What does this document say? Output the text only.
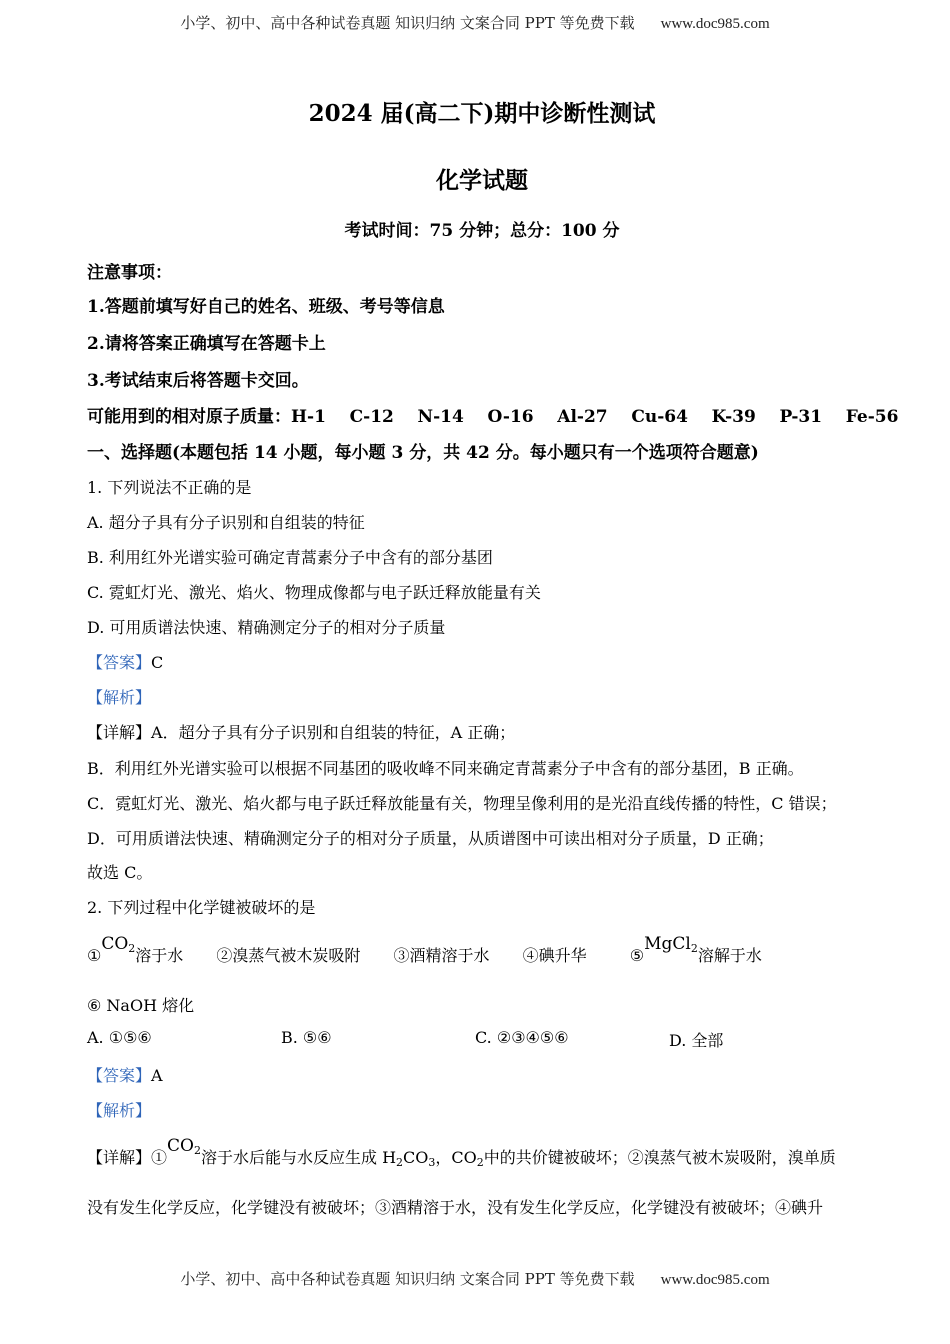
小学、初中、高中各种试卷真题 知识归纳 文案合同 PPT 等免费下载 www.doc985.com
2024 届(高二下)期中诊断性测试
化学试题
考试时间：75 分钟；总分：100 分
注意事项：
1.答题前填写好自己的姓名、班级、考号等信息
2.请将答案正确填写在答题卡上
3.考试结束后将答题卡交回。
可能用到的相对原子质量：H-1    C-12    N-14    O-16    Al-27    Cu-64    K-39    P-31    Fe-56
一、选择题(本题包括 14 小题，每小题 3 分，共 42 分。每小题只有一个选项符合题意)
1. 下列说法不正确的是
A. 超分子具有分子识别和自组装的特征
B. 利用红外光谱实验可确定青蒿素分子中含有的部分基团
C. 霓虹灯光、激光、焰火、物理成像都与电子跃迁释放能量有关
D. 可用质谱法快速、精确测定分子的相对分子质量
【答案】C
【解析】
【详解】A．超分子具有分子识别和自组装的特征，A 正确；
B．利用红外光谱实验可以根据不同基团的吸收峰不同来确定青蒿素分子中含有的部分基团，B 正确。
C．霓虹灯光、激光、焰火都与电子跃迁释放能量有关，物理呈像利用的是光沿直线传播的特性，C 错误；
D．可用质谱法快速、精确测定分子的相对分子质量，从质谱图中可读出相对分子质量，D 正确；
故选 C。
2. 下列过程中化学键被破坏的是
$①CO_2$溶于水 ②溴蒸气被木炭吸附 ③酒精溶于水 ④碘升华	⑤MgCl$_2$溶解于水
⑥ NaOH 熔化
A. ①⑤⑥	B. ⑤⑥	C. ②③④⑤⑥	D. 全部
【答案】A
【解析】
【详解】$①CO_2$溶于水后能与水反应生成 $H_2CO_3$，$CO_2$中的共价键被破坏；②溴蒸气被木炭吸附，溴单质
没有发生化学反应，化学键没有被破坏；③酒精溶于水，没有发生化学反应，化学键没有被破坏；④碘升
小学、初中、高中各种试卷真题 知识归纳 文案合同 PPT 等免费下载 www.doc985.com
